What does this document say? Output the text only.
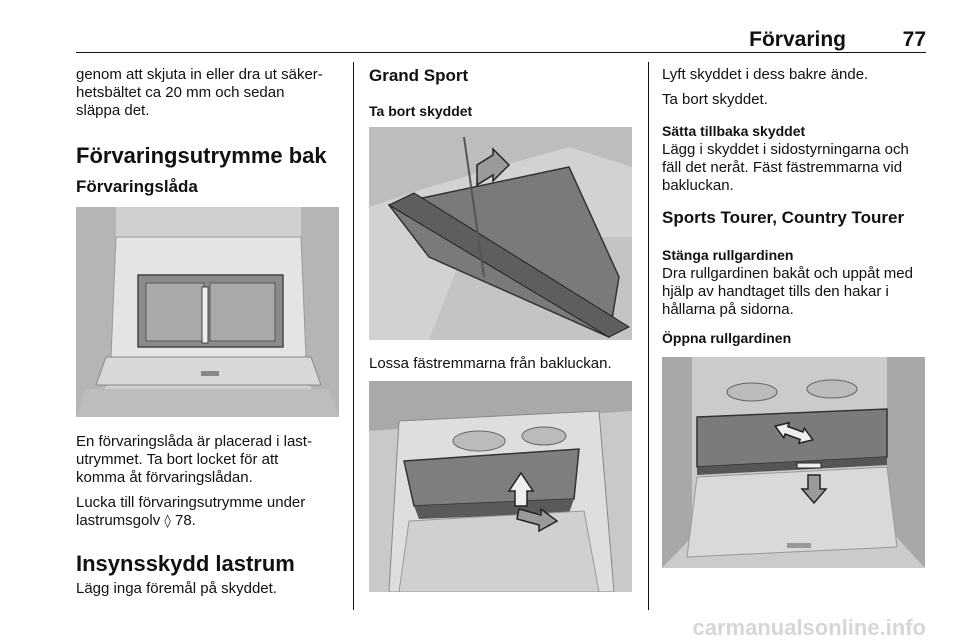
Förvaring	77

genom att skjuta in eller dra ut säker-

hetsbältet ca 20 mm och sedan

släppa det.

Förvaringsutrymme bak
Förvaringslåda

En förvaringslåda är placerad i last-

utrymmet. Ta bort locket för att

komma åt förvaringslådan.

Lucka till förvaringsutrymme under

lastrumsgolv ◊ 78.

Insynsskydd lastrum

Lägg inga föremål på skyddet.

Grand Sport
Ta bort skyddet

Lossa fästremmarna från bakluckan.

Lyft skyddet i dess bakre ände.

Ta bort skyddet.

Sätta tillbaka skyddet

Lägg i skyddet i sidostyrningarna och

fäll det neråt. Fäst fästremmarna vid

bakluckan.

Sports Tourer, Country Tourer
Stänga rullgardinen

Dra rullgardinen bakåt och uppåt med

hjälp av handtaget tills den hakar i

hållarna på sidorna.

Öppna rullgardinen
carmanualsonline.info
